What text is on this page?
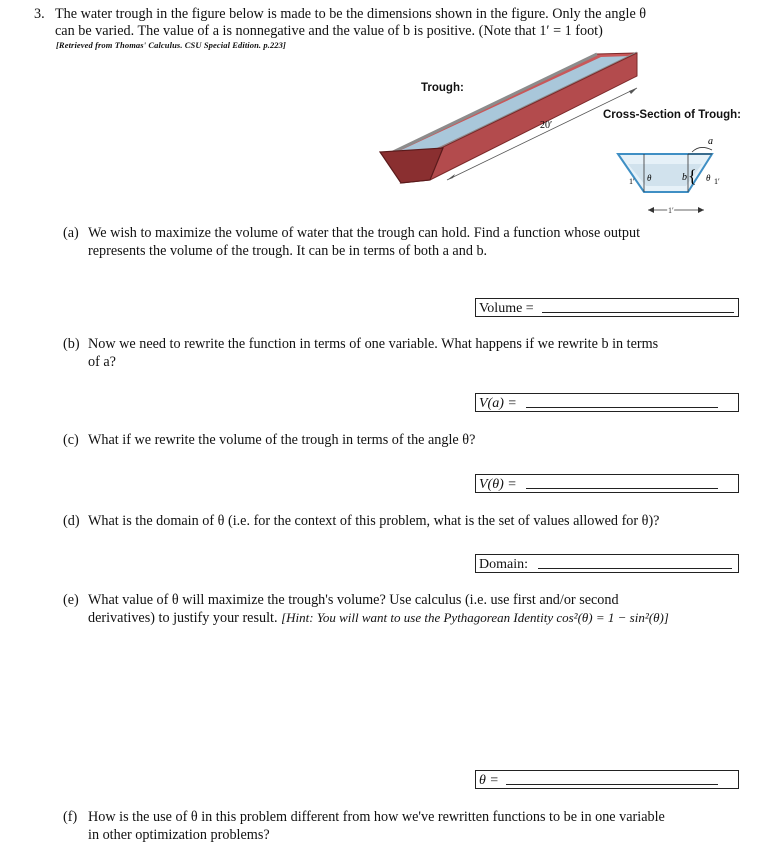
3. The water trough in the figure below is made to be the dimensions shown in the figure. Only the angle θ
can be varied. The value of a is nonnegative and the value of b is positive. (Note that 1′ = 1 foot)
[Retrieved from Thomas' Calculus. CSU Special Edition. p.223]
Trough:
Cross-Section of Trough:
20′
a
b {
θ	θ
1′	1′
1′
(a) We wish to maximize the volume of water that the trough can hold. Find a function whose output
represents the volume of the trough. It can be in terms of both a and b.
Volume =
(b) Now we need to rewrite the function in terms of one variable. What happens if we rewrite b in terms
of a?
V(a) =
(c) What if we rewrite the volume of the trough in terms of the angle θ?
V(θ) =
(d) What is the domain of θ (i.e. for the context of this problem, what is the set of values allowed for θ)?
Domain:
(e) What value of θ will maximize the trough's volume? Use calculus (i.e. use first and/or second
derivatives) to justify your result. [Hint: You will want to use the Pythagorean Identity cos²(θ) = 1 − sin²(θ)]
θ =
(f) How is the use of θ in this problem different from how we've rewritten functions to be in one variable
in other optimization problems?
